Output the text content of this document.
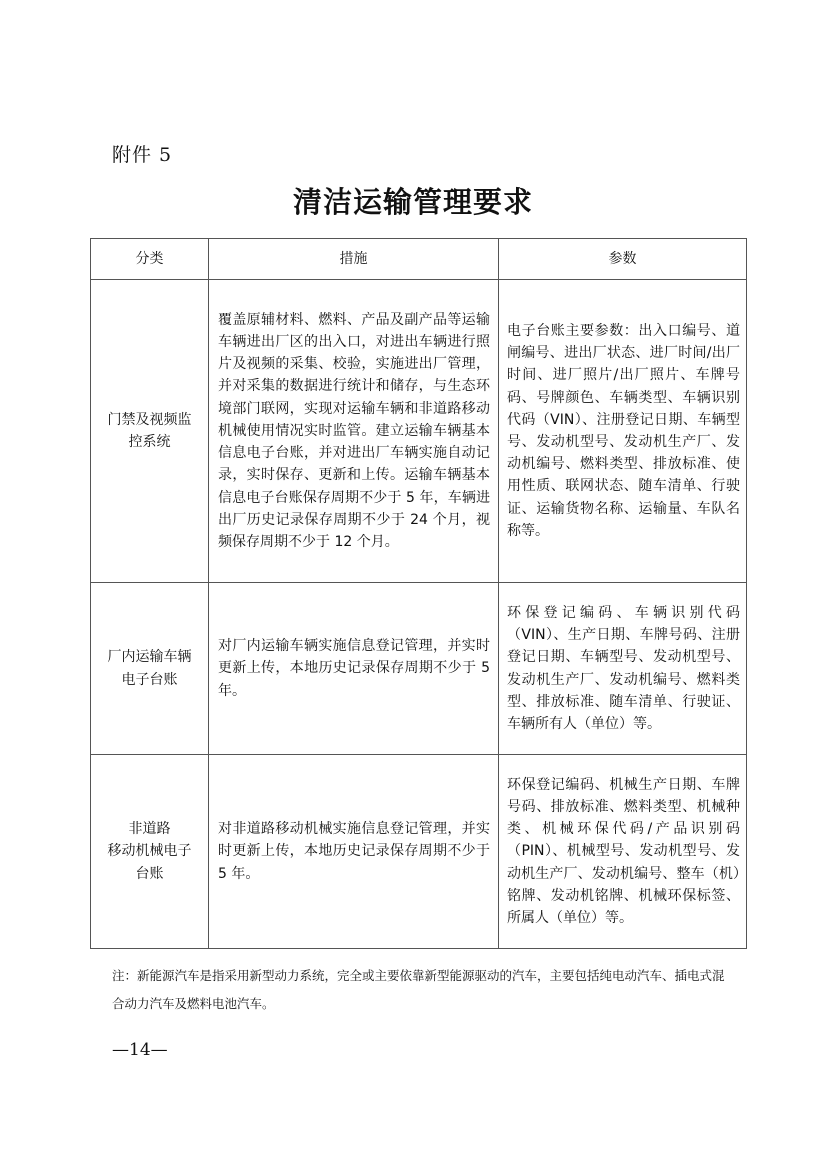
附件 5
清洁运输管理要求
分类	措施	参数

门禁及视频监
控系统	覆盖原辅材料、燃料、产品及副产品等运输车辆进出厂区的出入口，对进出车辆进行照片及视频的采集、校验，实施进出厂管理，并对采集的数据进行统计和储存，与生态环境部门联网，实现对运输车辆和非道路移动机械使用情况实时监管。建立运输车辆基本信息电子台账，并对进出厂车辆实施自动记录，实时保存、更新和上传。运输车辆基本信息电子台账保存周期不少于 5 年，车辆进出厂历史记录保存周期不少于 24 个月，视频保存周期不少于 12 个月。	电子台账主要参数：出入口编号、道闸编号、进出厂状态、进厂时间/出厂时间、进厂照片/出厂照片、车牌号码、号牌颜色、车辆类型、车辆识别代码（VIN）、注册登记日期、车辆型号、发动机型号、发动机生产厂、发动机编号、燃料类型、排放标准、使用性质、联网状态、随车清单、行驶证、运输货物名称、运输量、车队名称等。

厂内运输车辆
电子台账	对厂内运输车辆实施信息登记管理，并实时更新上传，本地历史记录保存周期不少于 5 年。	环保登记编码、车辆识别代码（VIN）、生产日期、车牌号码、注册登记日期、车辆型号、发动机型号、发动机生产厂、发动机编号、燃料类型、排放标准、随车清单、行驶证、车辆所有人（单位）等。

非道路
移动机械电子
台账	对非道路移动机械实施信息登记管理，并实时更新上传，本地历史记录保存周期不少于 5 年。	环保登记编码、机械生产日期、车牌号码、排放标准、燃料类型、机械种类、机械环保代码/产品识别码（PIN）、机械型号、发动机型号、发动机生产厂、发动机编号、整车（机）铭牌、发动机铭牌、机械环保标签、所属人（单位）等。
注：新能源汽车是指采用新型动力系统，完全或主要依靠新型能源驱动的汽车，主要包括纯电动汽车、插电式混合动力汽车及燃料电池汽车。
—14—
